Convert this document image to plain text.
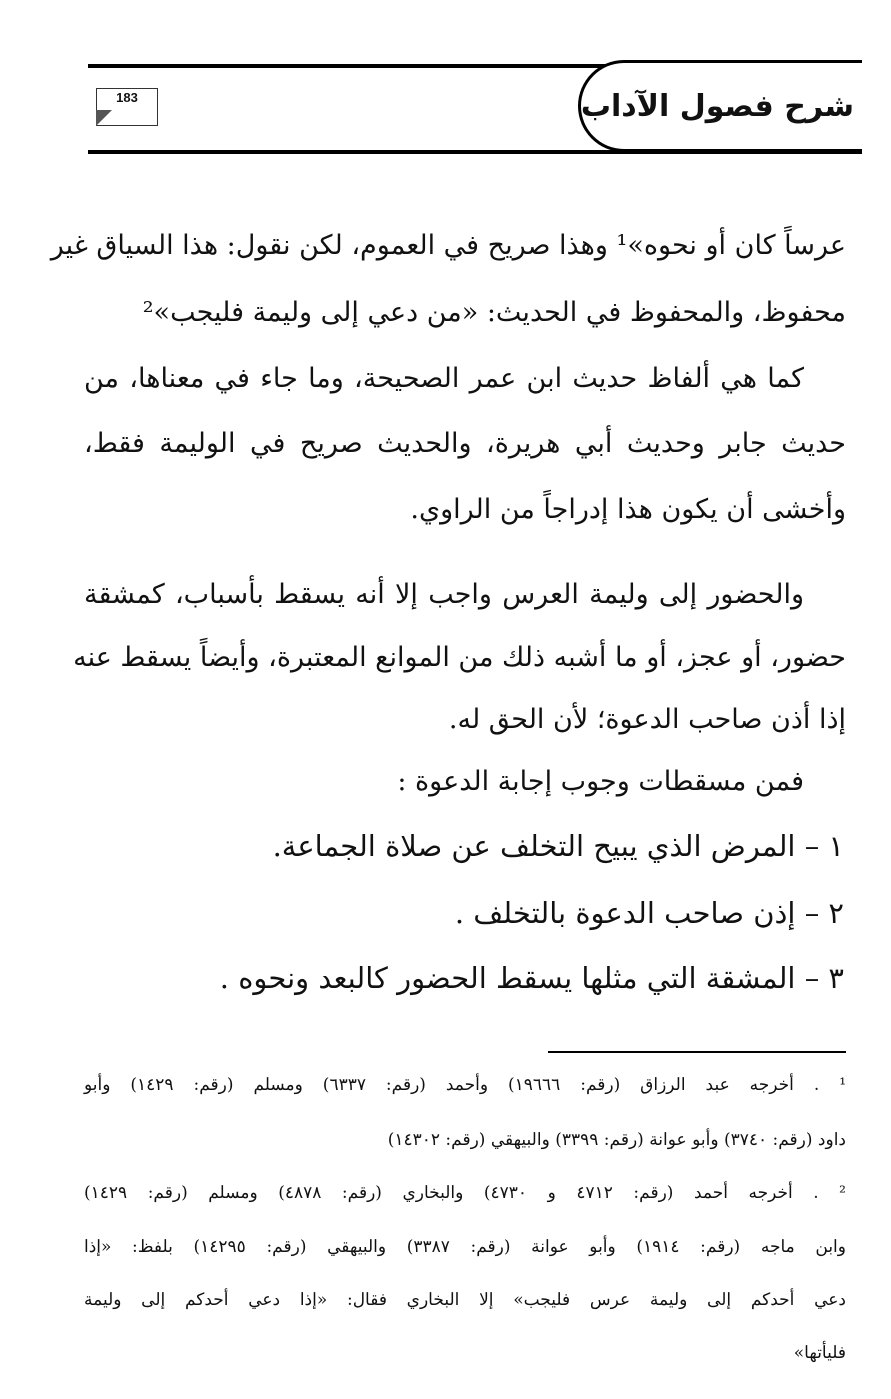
شرح فصول الآداب
183
عرساً كان أو نحوه»¹ وهذا صريح في العموم، لكن نقول: هذا السياق غير
محفوظ، والمحفوظ في الحديث: «من دعي إلى وليمة فليجب»²
كما هي ألفاظ حديث ابن عمر الصحيحة، وما جاء في معناها، من
حديث جابر وحديث أبي هريرة، والحديث صريح في الوليمة فقط،
وأخشى أن يكون هذا إدراجاً من الراوي.
والحضور إلى وليمة العرس واجب إلا أنه يسقط بأسباب، كمشقة
حضور، أو عجز، أو ما أشبه ذلك من الموانع المعتبرة، وأيضاً يسقط عنه
إذا أذن صاحب الدعوة؛ لأن الحق له.
فمن مسقطات وجوب إجابة الدعوة :
١ – المرض الذي يبيح التخلف عن صلاة الجماعة.
٢ – إذن صاحب الدعوة بالتخلف .
٣ – المشقة التي مثلها يسقط الحضور كالبعد ونحوه .
¹ . أخرجه عبد الرزاق (رقم: ١٩٦٦٦) وأحمد (رقم: ٦٣٣٧) ومسلم (رقم: ١٤٢٩) وأبو
داود (رقم: ٣٧٤٠) وأبو عوانة (رقم: ٣٣٩٩) والبيهقي (رقم: ١٤٣٠٢)
² . أخرجه أحمد (رقم: ٤٧١٢ و ٤٧٣٠) والبخاري (رقم: ٤٨٧٨) ومسلم (رقم: ١٤٢٩)
وابن ماجه (رقم: ١٩١٤) وأبو عوانة (رقم: ٣٣٨٧) والبيهقي (رقم: ١٤٢٩٥) بلفظ: «إذا
دعي أحدكم إلى وليمة عرس فليجب» إلا البخاري فقال: «إذا دعي أحدكم إلى وليمة
فليأتها»
